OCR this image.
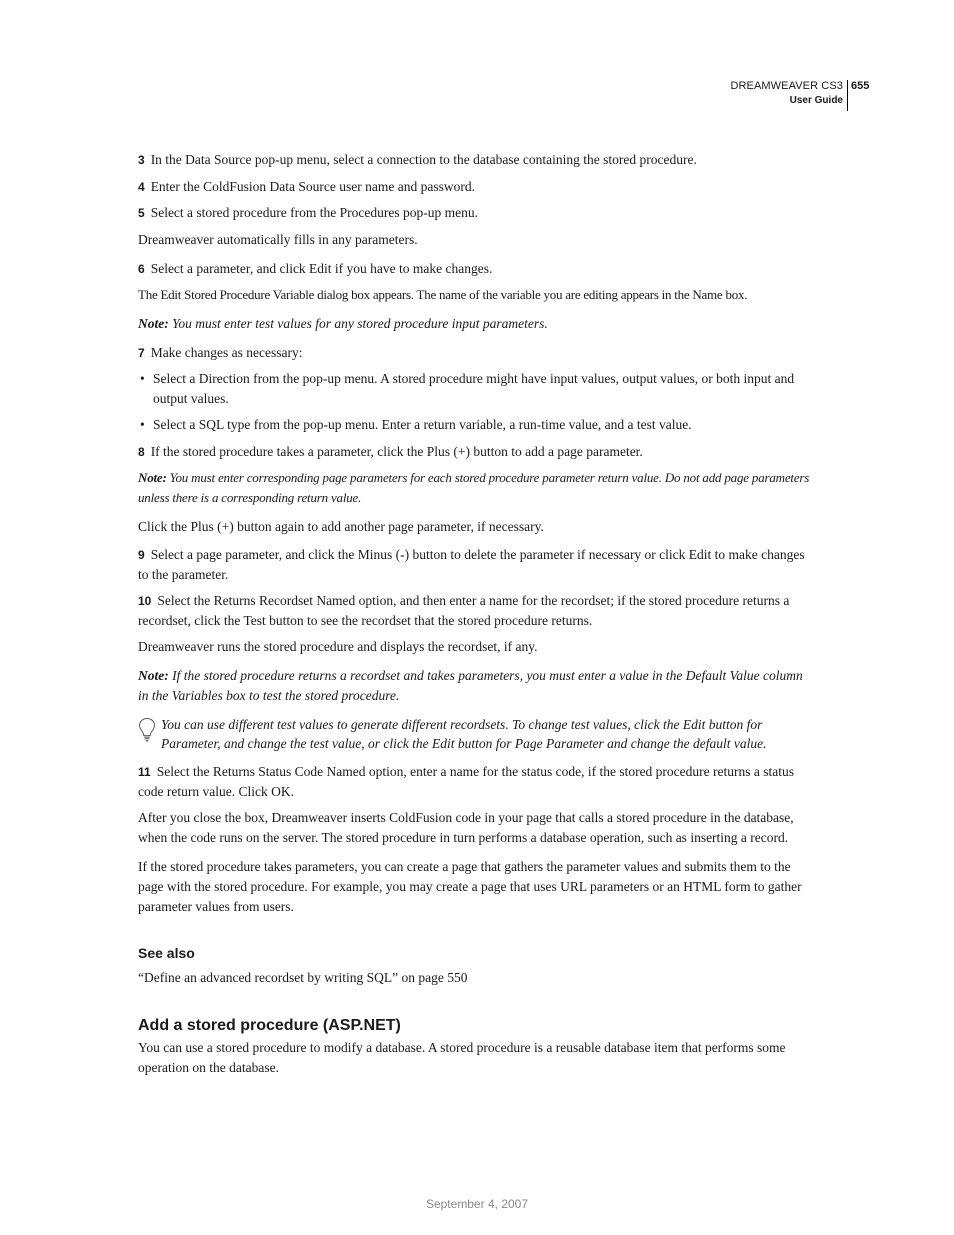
DREAMWEAVER CS3
User Guide
655

3 In the Data Source pop-up menu, select a connection to the database containing the stored procedure.

4 Enter the ColdFusion Data Source user name and password.

5 Select a stored procedure from the Procedures pop-up menu.

Dreamweaver automatically fills in any parameters.

6 Select a parameter, and click Edit if you have to make changes.

The Edit Stored Procedure Variable dialog box appears. The name of the variable you are editing appears in the Name box.

Note: You must enter test values for any stored procedure input parameters.

7 Make changes as necessary:

• Select a Direction from the pop-up menu. A stored procedure might have input values, output values, or both input and output values.
• Select a SQL type from the pop-up menu. Enter a return variable, a run-time value, and a test value.

8 If the stored procedure takes a parameter, click the Plus (+) button to add a page parameter.

Note: You must enter corresponding page parameters for each stored procedure parameter return value. Do not add page parameters unless there is a corresponding return value.

Click the Plus (+) button again to add another page parameter, if necessary.

9 Select a page parameter, and click the Minus (-) button to delete the parameter if necessary or click Edit to make changes to the parameter.

10 Select the Returns Recordset Named option, and then enter a name for the recordset; if the stored procedure returns a recordset, click the Test button to see the recordset that the stored procedure returns.

Dreamweaver runs the stored procedure and displays the recordset, if any.

Note: If the stored procedure returns a recordset and takes parameters, you must enter a value in the Default Value column in the Variables box to test the stored procedure.

You can use different test values to generate different recordsets. To change test values, click the Edit button for Parameter, and change the test value, or click the Edit button for Page Parameter and change the default value.

11 Select the Returns Status Code Named option, enter a name for the status code, if the stored procedure returns a status code return value. Click OK.

After you close the box, Dreamweaver inserts ColdFusion code in your page that calls a stored procedure in the database, when the code runs on the server. The stored procedure in turn performs a database operation, such as inserting a record.

If the stored procedure takes parameters, you can create a page that gathers the parameter values and submits them to the page with the stored procedure. For example, you may create a page that uses URL parameters or an HTML form to gather parameter values from users.

See also

“Define an advanced recordset by writing SQL” on page 550

Add a stored procedure (ASP.NET)

You can use a stored procedure to modify a database. A stored procedure is a reusable database item that performs some operation on the database.

September 4, 2007
